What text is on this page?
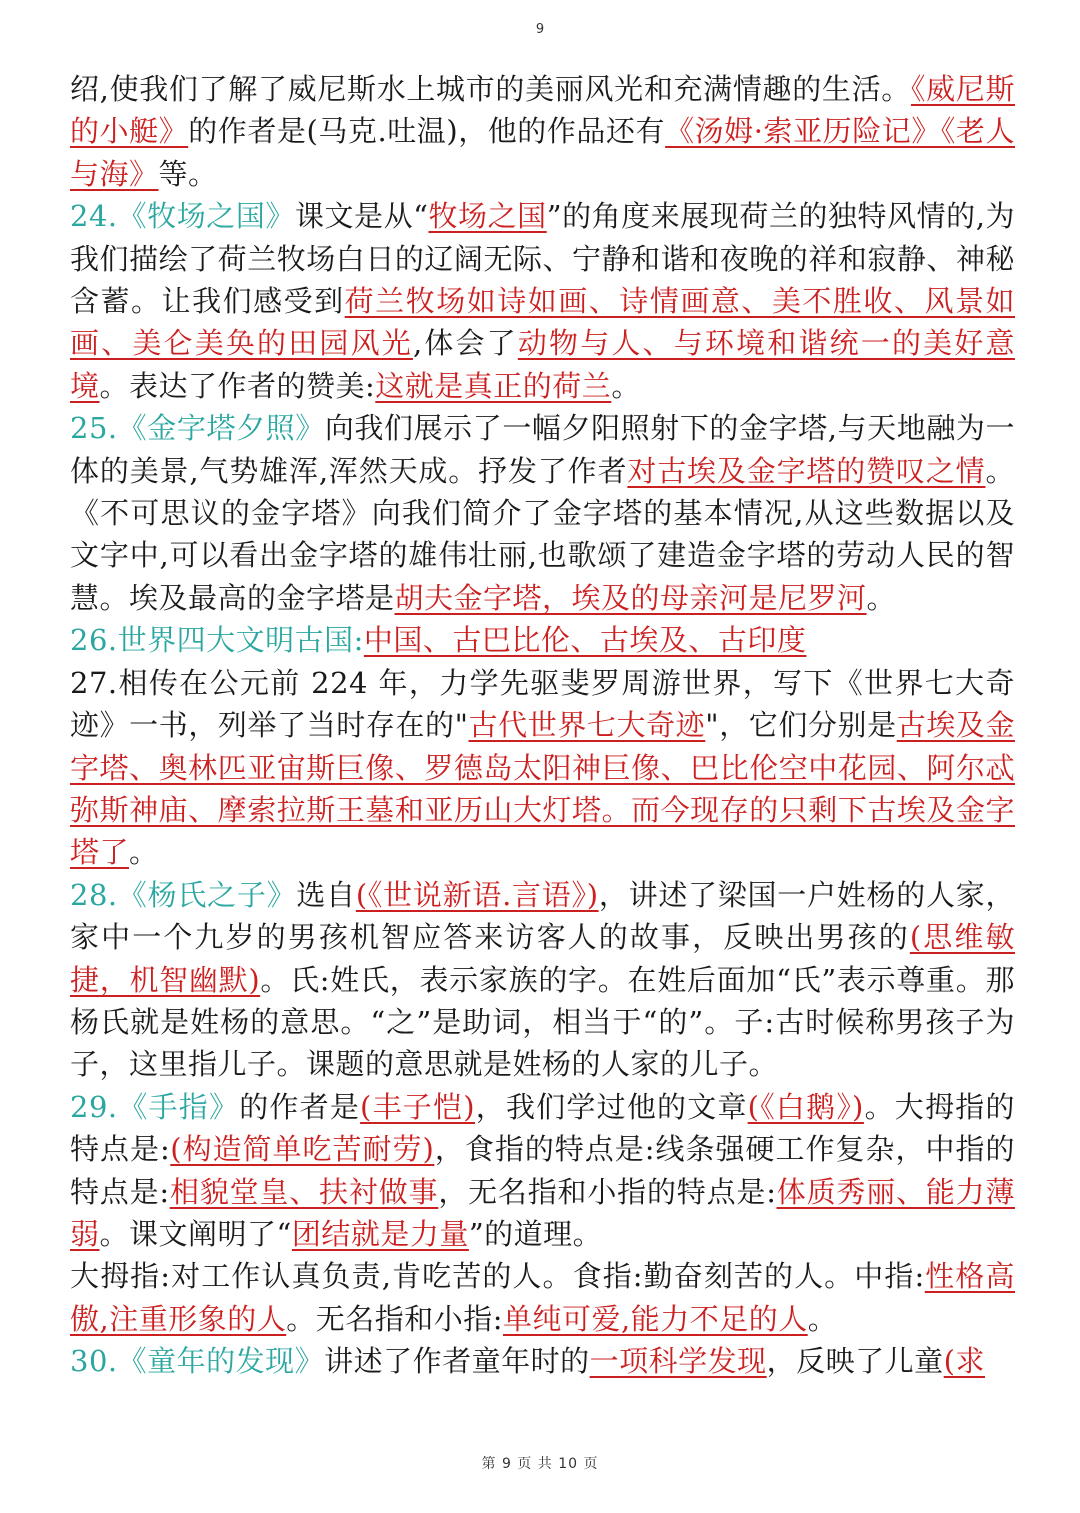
9

绍,使我们了解了威尼斯水上城市的美丽风光和充满情趣的生活。《威尼斯的小艇》的作者是(马克.吐温)，他的作品还有《汤姆·索亚历险记》《老人与海》等。

24.《牧场之国》课文是从“牧场之国”的角度来展现荷兰的独特风情的,为我们描绘了荷兰牧场白日的辽阔无际、宁静和谐和夜晚的祥和寂静、神秘含蓄。让我们感受到荷兰牧场如诗如画、诗情画意、美不胜收、风景如画、美仑美奂的田园风光,体会了动物与人、与环境和谐统一的美好意境。表达了作者的赞美:这就是真正的荷兰。

25.《金字塔夕照》向我们展示了一幅夕阳照射下的金字塔,与天地融为一体的美景,气势雄浑,浑然天成。抒发了作者对古埃及金字塔的赞叹之情。《不可思议的金字塔》向我们简介了金字塔的基本情况,从这些数据以及文字中,可以看出金字塔的雄伟壮丽,也歌颂了建造金字塔的劳动人民的智慧。埃及最高的金字塔是胡夫金字塔，埃及的母亲河是尼罗河。

26.世界四大文明古国:中国、古巴比伦、古埃及、古印度

27.相传在公元前 224 年，力学先驱斐罗周游世界，写下《世界七大奇迹》一书，列举了当时存在的"古代世界七大奇迹"，它们分别是古埃及金字塔、奥林匹亚宙斯巨像、罗德岛太阳神巨像、巴比伦空中花园、阿尔忒弥斯神庙、摩索拉斯王墓和亚历山大灯塔。而今现存的只剩下古埃及金字塔了。

28.《杨氏之子》选自(《世说新语.言语》)，讲述了梁国一户姓杨的人家，家中一个九岁的男孩机智应答来访客人的故事，反映出男孩的(思维敏捷，机智幽默)。氏:姓氏，表示家族的字。在姓后面加“氏”表示尊重。那杨氏就是姓杨的意思。“之”是助词，相当于“的”。子:古时候称男孩子为子，这里指儿子。课题的意思就是姓杨的人家的儿子。

29.《手指》的作者是(丰子恺)，我们学过他的文章(《白鹅》)。大拇指的特点是:(构造简单吃苦耐劳)，食指的特点是:线条强硬工作复杂，中指的特点是:相貌堂皇、扶衬做事，无名指和小指的特点是:体质秀丽、能力薄弱。课文阐明了“团结就是力量”的道理。

大拇指:对工作认真负责,肯吃苦的人。食指:勤奋刻苦的人。中指:性格高傲,注重形象的人。无名指和小指:单纯可爱,能力不足的人。

30.《童年的发现》讲述了作者童年时的一项科学发现，反映了儿童(求

第 9 页 共 10 页
